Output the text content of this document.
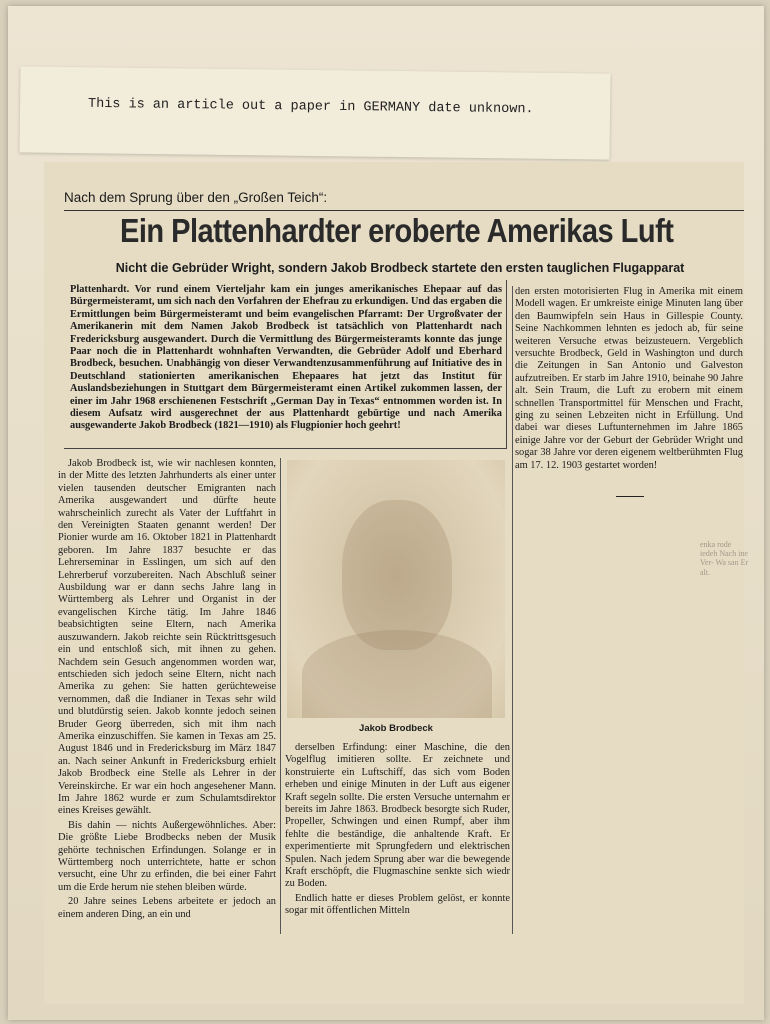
This is an article out a paper in GERMANY date unknown.
Nach dem Sprung über den „Großen Teich“:
Ein Plattenhardter eroberte Amerikas Luft
Nicht die Gebrüder Wright, sondern Jakob Brodbeck startete den ersten tauglichen Flugapparat
Plattenhardt. Vor rund einem Vierteljahr kam ein junges amerikanisches Ehepaar auf das Bürgermeisteramt, um sich nach den Vorfahren der Ehefrau zu erkundigen. Und das ergaben die Ermittlungen beim Bürgermeisteramt und beim evangelischen Pfarramt: Der Urgroßvater der Amerikanerin mit dem Namen Jakob Brodbeck ist tatsächlich von Plattenhardt nach Fredericksburg ausgewandert. Durch die Vermittlung des Bürgermeisteramts konnte das junge Paar noch die in Plattenhardt wohnhaften Verwandten, die Gebrüder Adolf und Eberhard Brodbeck, besuchen. Unabhängig von dieser Verwandtenzusammenführung auf Initiative des in Deutschland stationierten amerikanischen Ehepaares hat jetzt das Institut für Auslandsbeziehungen in Stuttgart dem Bürgermeisteramt einen Artikel zukommen lassen, der einer im Jahr 1968 erschienenen Festschrift „German Day in Texas“ entnommen worden ist. In diesem Aufsatz wird ausgerechnet der aus Plattenhardt gebürtige und nach Amerika ausgewanderte Jakob Brodbeck (1821—1910) als Flugpionier hoch geehrt!
den ersten motorisierten Flug in Amerika mit einem Modell wagen. Er umkreiste einige Minuten lang über den Baumwipfeln sein Haus in Gillespie County. Seine Nachkommen lehnten es jedoch ab, für seine weiteren Versuche etwas beizusteuern. Vergeblich versuchte Brodbeck, Geld in Washington und durch die Zeitungen in San Antonio und Galveston aufzutreiben. Er starb im Jahre 1910, beinahe 90 Jahre alt. Sein Traum, die Luft zu erobern mit einem schnellen Transportmittel für Menschen und Fracht, ging zu seinen Lebzeiten nicht in Erfüllung. Und dabei war dieses Luftunternehmen im Jahre 1865 einige Jahre vor der Geburt der Gebrüder Wright und sogar 38 Jahre vor deren eigenem weltberühmten Flug am 17. 12. 1903 gestartet worden!

Jakob Brodbeck ist, wie wir nachlesen konnten, in der Mitte des letzten Jahrhunderts als einer unter vielen tausenden deutscher Emigranten nach Amerika ausgewandert und dürfte heute wahrscheinlich zurecht als Vater der Luftfahrt in den Vereinigten Staaten genannt werden! Der Pionier wurde am 16. Oktober 1821 in Plattenhardt geboren. Im Jahre 1837 besuchte er das Lehrerseminar in Esslingen, um sich auf den Lehrerberuf vorzubereiten. Nach Abschluß seiner Ausbildung war er dann sechs Jahre lang in Württemberg als Lehrer und Organist in der evangelischen Kirche tätig. Im Jahre 1846 beabsichtigten seine Eltern, nach Amerika auszuwandern. Jakob reichte sein Rücktrittsgesuch ein und entschloß sich, mit ihnen zu gehen. Nachdem sein Gesuch angenommen worden war, entschieden sich jedoch seine Eltern, nicht nach Amerika zu gehen: Sie hatten gerüchteweise vernommen, daß die Indianer in Texas sehr wild und blutdürstig seien. Jakob konnte jedoch seinen Bruder Georg überreden, sich mit ihm nach Amerika einzuschiffen. Sie kamen in Texas am 25. August 1846 und in Fredericksburg im März 1847 an. Nach seiner Ankunft in Fredericksburg erhielt Jakob Brodbeck eine Stelle als Lehrer in der Vereinskirche. Er war ein hoch angesehener Mann. Im Jahre 1862 wurde er zum Schulamtsdirektor eines Kreises gewählt.

Bis dahin — nichts Außergewöhnliches. Aber: Die größte Liebe Brodbecks neben der Musik gehörte technischen Erfindungen. Solange er in Württemberg noch unterrichtete, hatte er schon versucht, eine Uhr zu erfinden, die bei einer Fahrt um die Erde herum nie stehen bleiben würde.

20 Jahre seines Lebens arbeitete er jedoch an einem anderen Ding, an ein und

Jakob Brodbeck

derselben Erfindung: einer Maschine, die den Vogelflug imitieren sollte. Er zeichnete und konstruierte ein Luftschiff, das sich vom Boden erheben und einige Minuten in der Luft aus eigener Kraft segeln sollte. Die ersten Versuche unternahm er bereits im Jahre 1863. Brodbeck besorgte sich Ruder, Propeller, Schwingen und einen Rumpf, aber ihm fehlte die beständige, die anhaltende Kraft. Er experimentierte mit Sprungfedern und elektrischen Spulen. Nach jedem Sprung aber war die bewegende Kraft erschöpft, die Flugmaschine senkte sich wiedr zu Boden.

Endlich hatte er dieses Problem gelöst, er konnte sogar mit öffentlichen Mitteln

enka rode iedeh Nach ine Ver- Wa san Er alt.
